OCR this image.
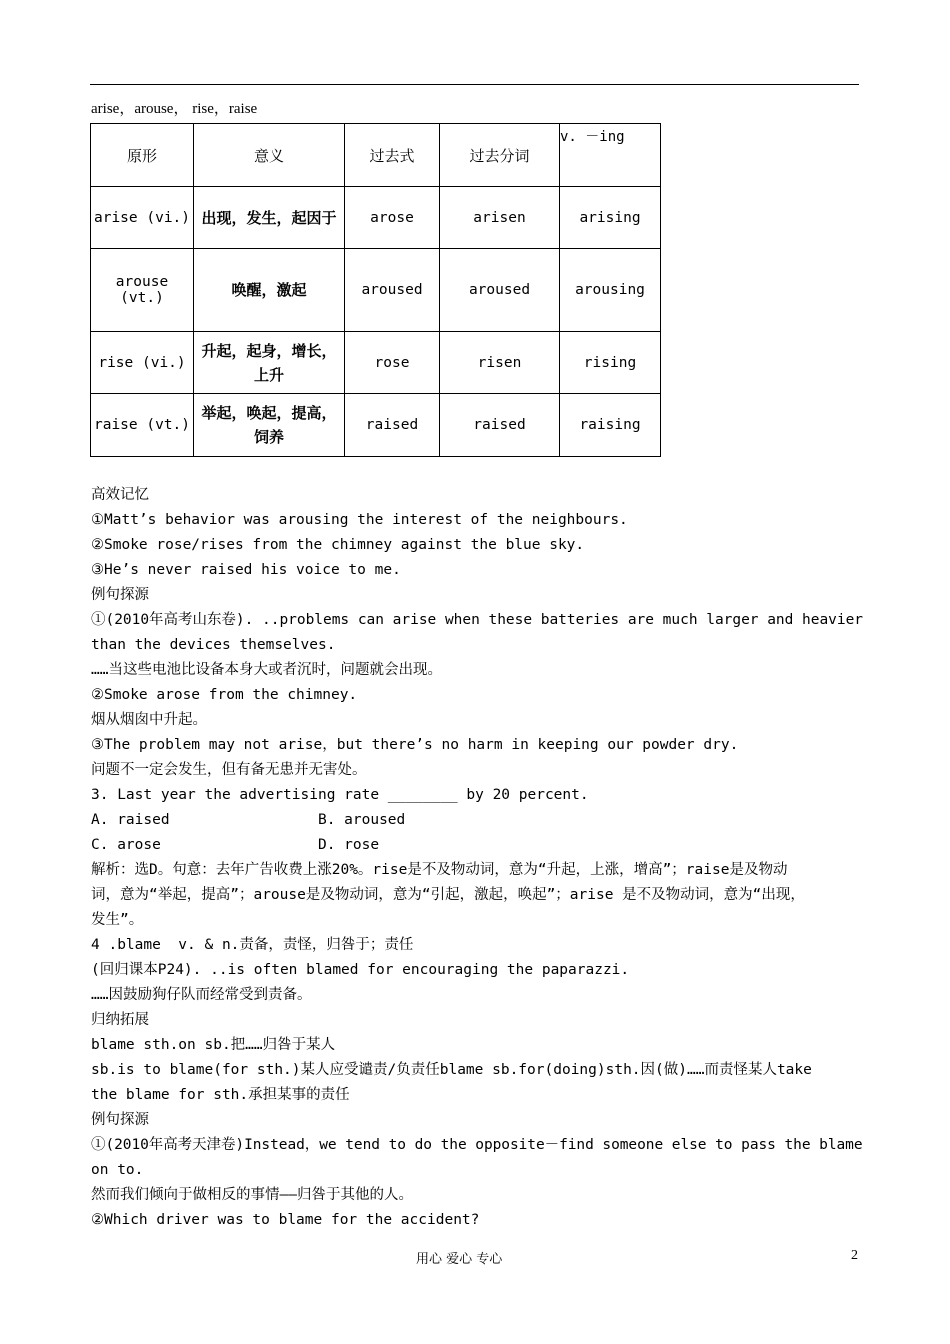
arise，arouse， rise，raise
原形	意义	过去式	过去分词	v. －ing
arise (vi.)	出现，发生，起因于	arose	arisen	arising
arouse (vt.)	唤醒，激起	aroused	aroused	arousing
rise (vi.)	升起，起身，增长，上升	rose	risen	rising
raise (vt.)	举起，唤起，提高，饲养	raised	raised	raising
高效记忆
①Matt’s behavior was arousing the interest of the neighbours.
②Smoke rose/rises from the chimney against the blue sky.
③He’s never raised his voice to me.
例句探源
①(2010年高考山东卷). ..problems can arise when these batteries are much larger and heavier
than the devices themselves.
……当这些电池比设备本身大或者沉时，问题就会出现。
②Smoke arose from the chimney.
烟从烟囱中升起。
③The problem may not arise，but there’s no harm in keeping our powder dry.
问题不一定会发生，但有备无患并无害处。
3. Last year the advertising rate ________ by 20 percent.
A. raised                 B. aroused
C. arose                  D. rose
解析：选D。句意：去年广告收费上涨20%。rise是不及物动词，意为“升起，上涨，增高”；raise是及物动
词，意为“举起，提高”；arouse是及物动词，意为“引起，激起，唤起”；arise 是不及物动词，意为“出现，
发生”。
4 .blame  v. & n.责备，责怪，归咎于；责任
(回归课本P24). ..is often blamed for encouraging the paparazzi.
……因鼓励狗仔队而经常受到责备。
归纳拓展
blame sth.on sb.把……归咎于某人
sb.is to blame(for sth.)某人应受谴责/负责任blame sb.for(doing)sth.因(做)……而责怪某人take
the blame for sth.承担某事的责任
例句探源
①(2010年高考天津卷)Instead，we tend to do the opposite－find someone else to pass the blame
on to.
然而我们倾向于做相反的事情——归咎于其他的人。
②Which driver was to blame for the accident?
用心 爱心 专心	2
